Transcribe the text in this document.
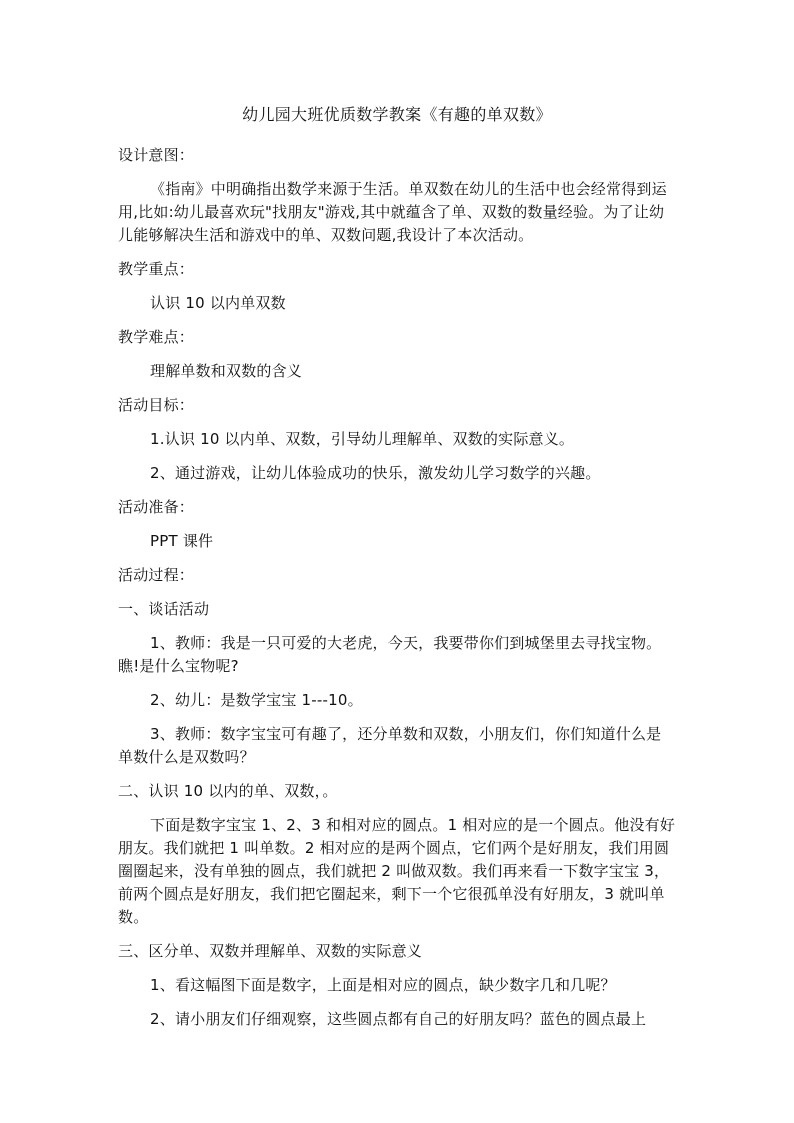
幼儿园大班优质数学教案《有趣的单双数》
设计意图：
《指南》中明确指出数学来源于生活。单双数在幼儿的生活中也会经常得到运用,比如:幼儿最喜欢玩"找朋友"游戏,其中就蕴含了单、双数的数量经验。为了让幼儿能够解决生活和游戏中的单、双数问题,我设计了本次活动。
教学重点：
认识 10 以内单双数
教学难点：
理解单数和双数的含义
活动目标：
1.认识 10 以内单、双数，引导幼儿理解单、双数的实际意义。
2、通过游戏，让幼儿体验成功的快乐，激发幼儿学习数学的兴趣。
活动准备：
PPT 课件
活动过程：
一、谈话活动
1、教师：我是一只可爱的大老虎，今天，我要带你们到城堡里去寻找宝物。瞧!是什么宝物呢?
2、幼儿：是数学宝宝 1---10。
3、教师：数字宝宝可有趣了，还分单数和双数，小朋友们，你们知道什么是单数什么是双数吗？
二、认识 10 以内的单、双数，。
下面是数字宝宝 1、2、3 和相对应的圆点。1 相对应的是一个圆点。他没有好朋友。我们就把 1 叫单数。2 相对应的是两个圆点，它们两个是好朋友，我们用圆圈圈起来，没有单独的圆点，我们就把 2 叫做双数。我们再来看一下数字宝宝 3，前两个圆点是好朋友，我们把它圈起来，剩下一个它很孤单没有好朋友，3 就叫单数。
三、区分单、双数并理解单、双数的实际意义
1、看这幅图下面是数字，上面是相对应的圆点，缺少数字几和几呢？
2、请小朋友们仔细观察，这些圆点都有自己的好朋友吗？蓝色的圆点最上
